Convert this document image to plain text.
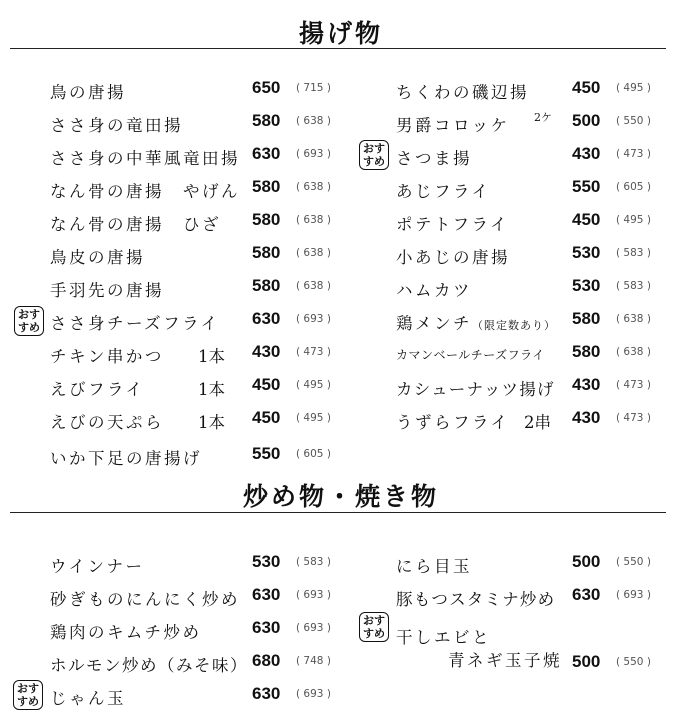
揚げ物
鳥の唐揚	650 ( 715 )
ささ身の竜田揚	580 ( 638 )
ささ身の中華風竜田揚 630 ( 693 )
なん骨の唐揚　やげん 580 ( 638 )
なん骨の唐揚　ひざ 580 ( 638 )
鳥皮の唐揚	580 ( 638 )
手羽先の唐揚	580 ( 638 )
おす
すめ ささ身チーズフライ 630 ( 693 )
チキン串かつ 1本 430 ( 473 )
えびフライ	1本 450 ( 495 )
えびの天ぷら 1本 450 ( 495 )
いか下足の唐揚げ	550 ( 605 )
ちくわの磯辺揚	450 ( 495 )
男爵コロッケ 2ケ 500 ( 550 )
おす
すめ さつま揚	430 ( 473 )
あじフライ	550 ( 605 )
ポテトフライ	450 ( 495 )
小あじの唐揚	530 ( 583 )
ハムカツ	530 ( 583 )
鶏メンチ（限定数あり） 580 ( 638 )
カマンベールチーズフライ 580 ( 638 )
カシューナッツ揚げ 430 ( 473 )
うずらフライ 2串 430 ( 473 )
炒め物・焼き物
ウインナー	530 ( 583 )
砂ぎものにんにく炒め 630 ( 693 )
鶏肉のキムチ炒め	630 ( 693 )
ホルモン炒め（みそ味） 680 ( 748 )
おす
すめ じゃん玉	630 ( 693 )
にら目玉	500 ( 550 )
豚もつスタミナ炒め 630 ( 693 )
おす
すめ 干しエビと
青ネギ玉子焼 500 ( 550 )
